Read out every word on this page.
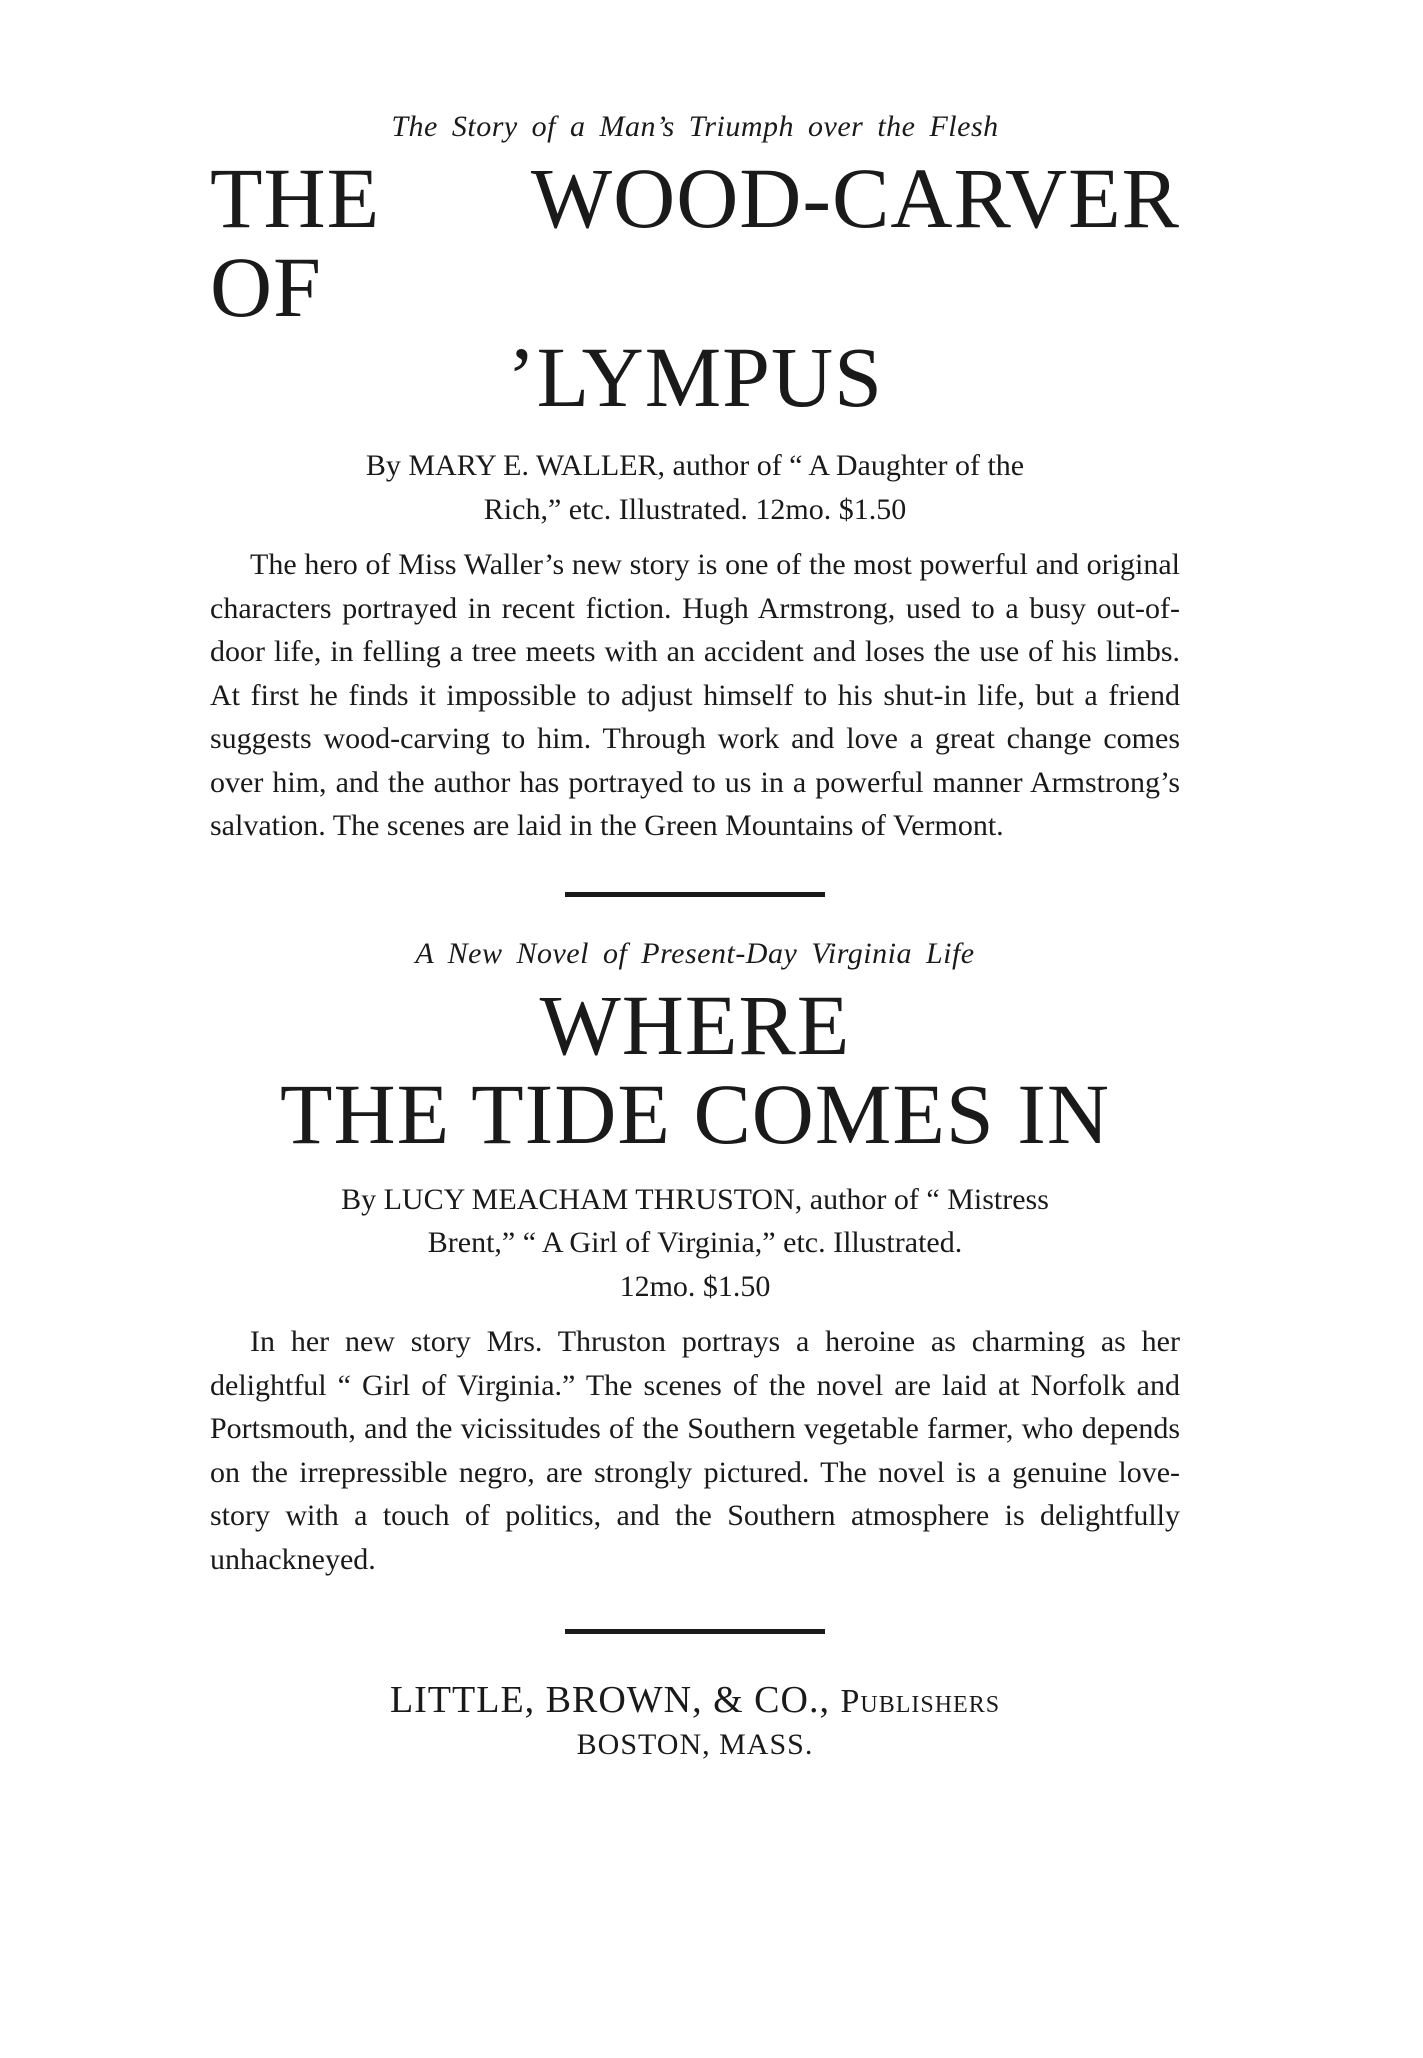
The Story of a Man’s Triumph over the Flesh

THE WOOD-CARVER OF
’LYMPUS

By MARY E. WALLER, author of “ A Daughter of the
Rich,” etc. Illustrated. 12mo. $1.50

The hero of Miss Waller’s new story is one of the most powerful and original characters portrayed in recent fiction. Hugh Armstrong, used to a busy out-of-door life, in felling a tree meets with an accident and loses the use of his limbs. At first he finds it impossible to adjust himself to his shut-in life, but a friend suggests wood-carving to him. Through work and love a great change comes over him, and the author has portrayed to us in a powerful manner Armstrong’s salvation. The scenes are laid in the Green Mountains of Vermont.

A New Novel of Present-Day Virginia Life

WHERE
THE TIDE COMES IN

By LUCY MEACHAM THRUSTON, author of “ Mistress
Brent,” “ A Girl of Virginia,” etc. Illustrated.
12mo. $1.50

In her new story Mrs. Thruston portrays a heroine as charming as her delightful “ Girl of Virginia.” The scenes of the novel are laid at Norfolk and Portsmouth, and the vicissitudes of the Southern vegetable farmer, who depends on the irrepressible negro, are strongly pictured. The novel is a genuine love-story with a touch of politics, and the Southern atmosphere is delightfully unhackneyed.

LITTLE, BROWN, & CO., Publishers

BOSTON, MASS.
